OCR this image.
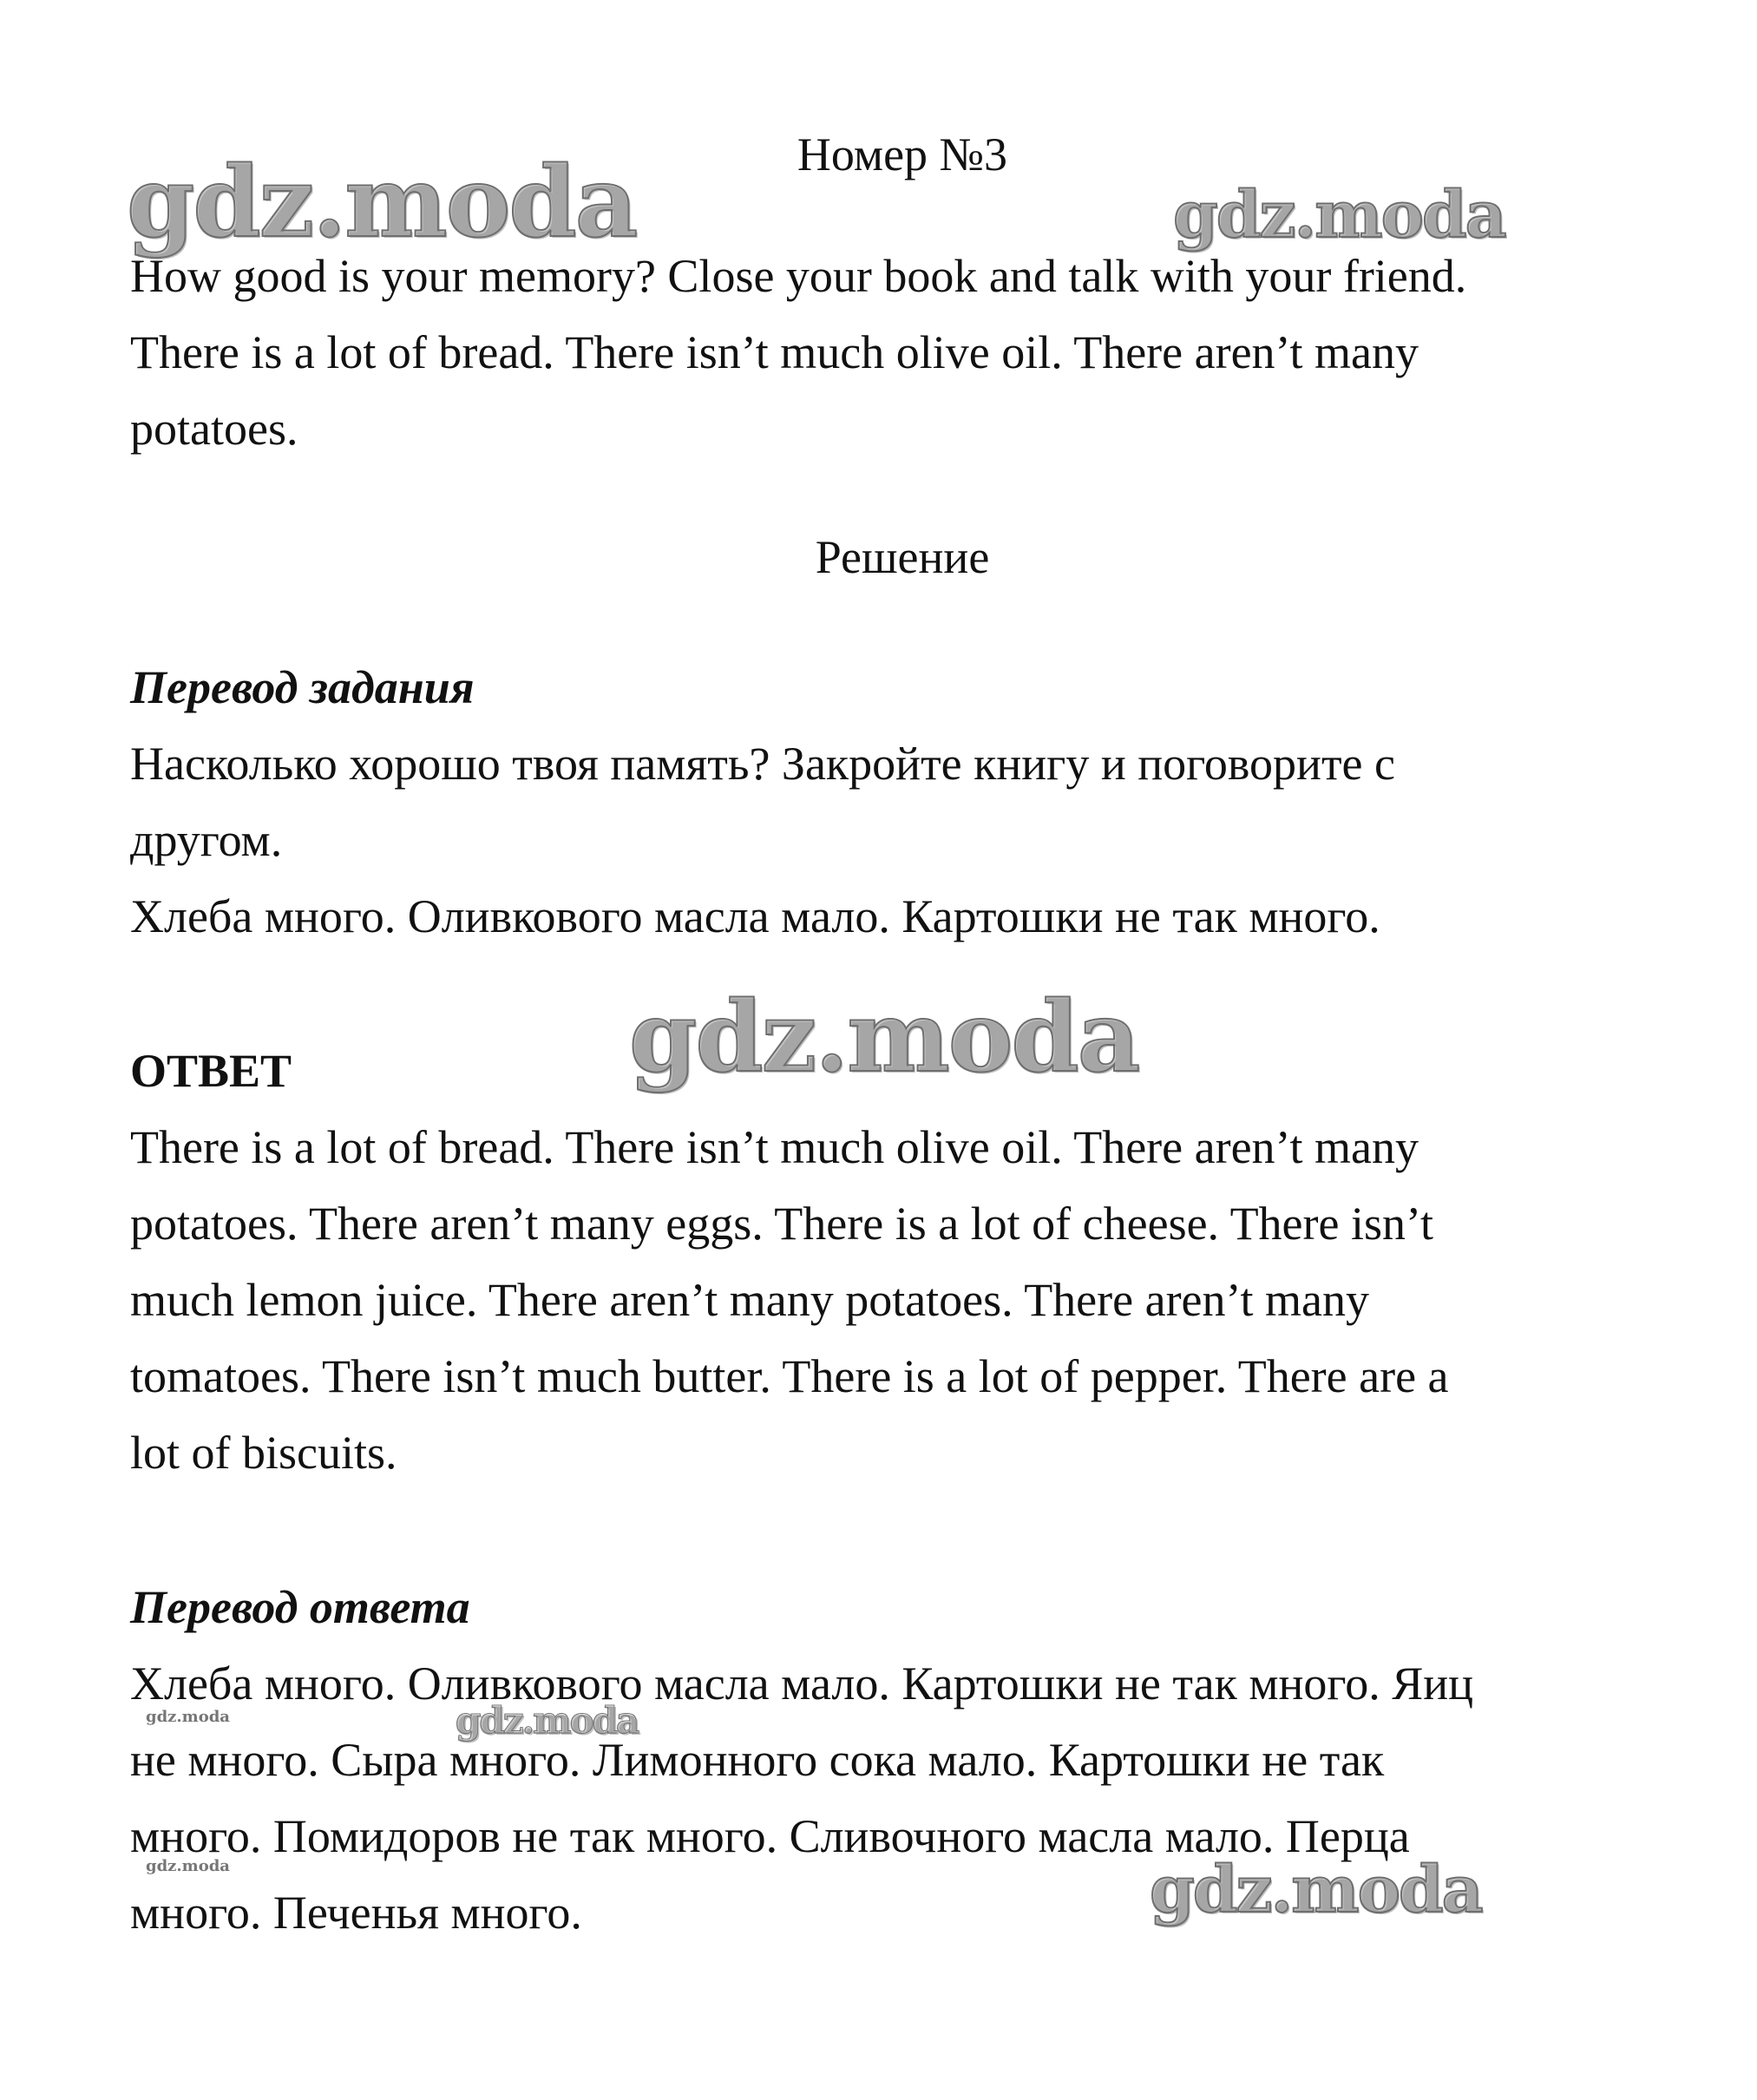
gdz.moda	gdz.moda
gdz.moda
gdz.moda
gdz.moda
gdz.moda
gdz.moda
Номер №3
How good is your memory? Close your book and talk with your friend.
There is a lot of bread. There isn’t much olive oil. There aren’t many
potatoes.
Решение
Перевод задания
Насколько хорошо твоя память? Закройте книгу и поговорите с
другом.
Хлеба много. Оливкового масла мало. Картошки не так много.
ОТВЕТ
There is a lot of bread. There isn’t much olive oil. There aren’t many
potatoes. There aren’t many eggs. There is a lot of cheese. There isn’t
much lemon juice. There aren’t many potatoes. There aren’t many
tomatoes. There isn’t much butter. There is a lot of pepper. There are a
lot of biscuits.
Перевод ответа
Хлеба много. Оливкового масла мало. Картошки не так много. Яиц
не много. Сыра много. Лимонного сока мало. Картошки не так
много. Помидоров не так много. Сливочного масла мало. Перца
много. Печенья много.
